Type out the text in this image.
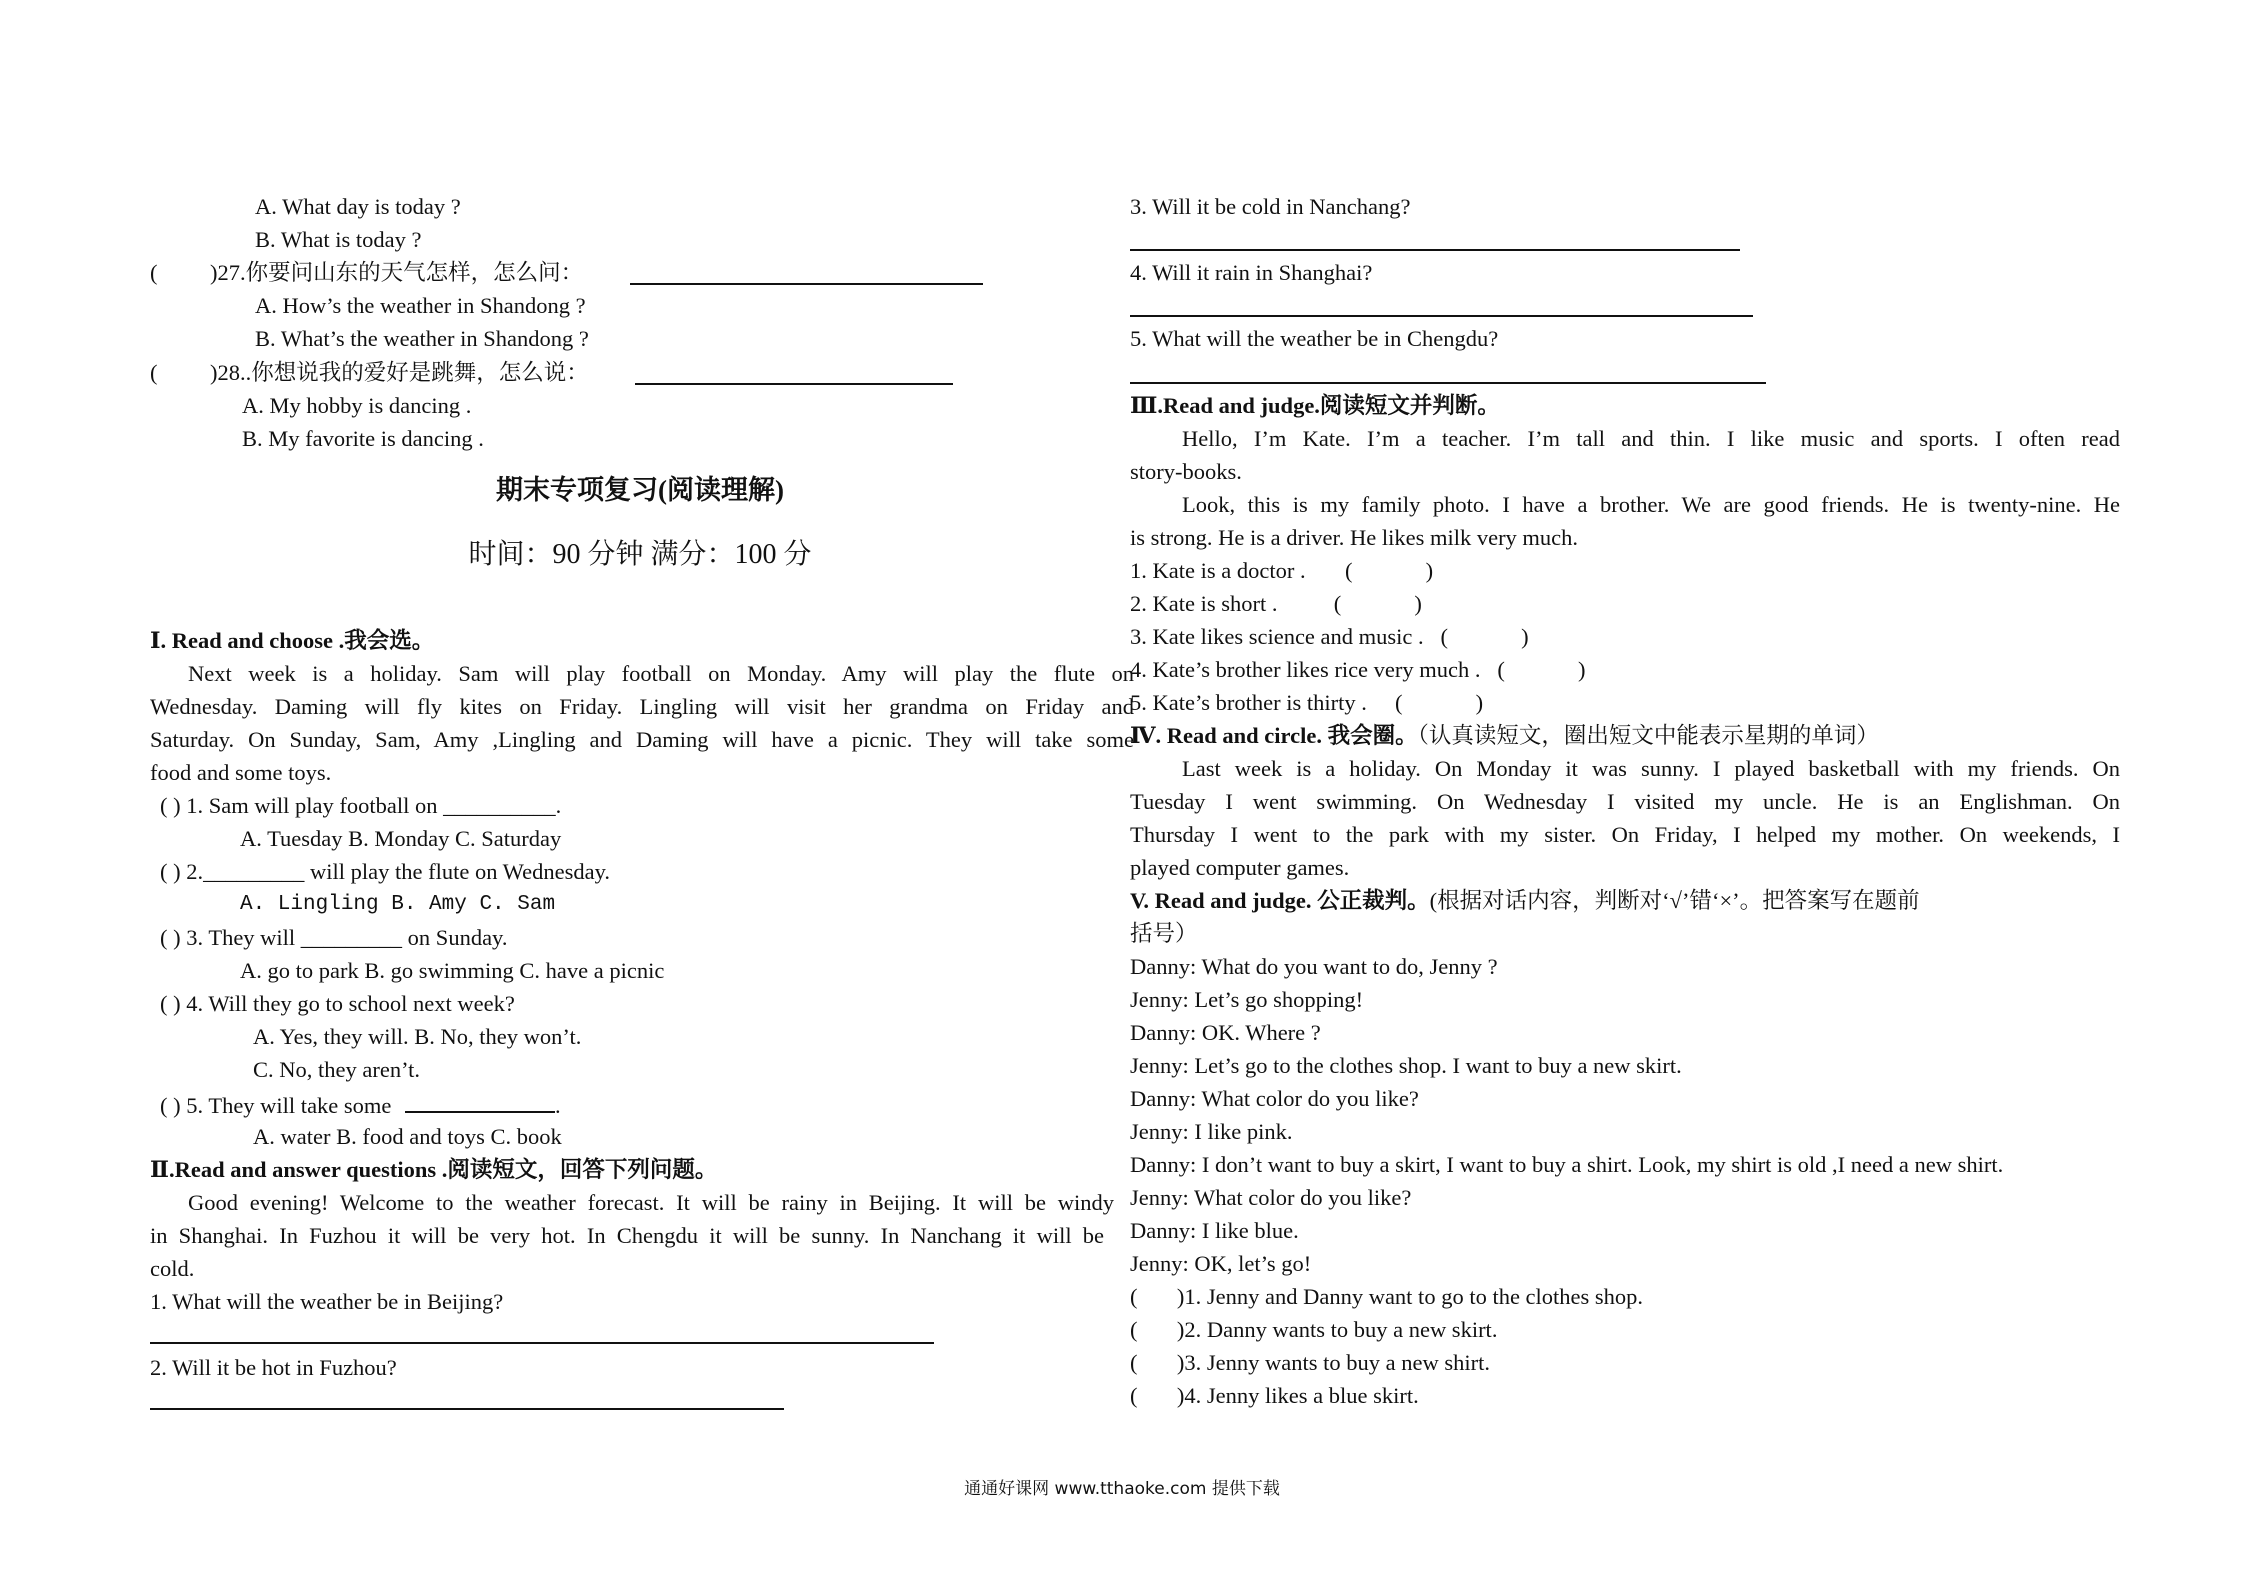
A. What day is today ?
B. What is today ?
( )27.你要问山东的天气怎样，怎么问：
A. How’s the weather in Shandong ?
B. What’s the weather in Shandong ?
( )28..你想说我的爱好是跳舞，怎么说：
A. My hobby is dancing .
B. My favorite is dancing .
期末专项复习(阅读理解)
时间：90 分钟 满分：100 分
Ⅰ. Read and choose .我会选。
Next week is a holiday. Sam will play football on Monday. Amy will play the flute on
Wednesday. Daming will fly kites on Friday. Lingling will visit her grandma on Friday and
Saturday. On Sunday, Sam, Amy ,Lingling and Daming will have a picnic. They will take some
food and some toys.
( ) 1. Sam will play football on __________.
A. Tuesday B. Monday C. Saturday
( ) 2._________ will play the flute on Wednesday.
A. Lingling B. Amy C. Sam
( ) 3. They will _________ on Sunday.
A. go to park B. go swimming C. have a picnic
( ) 4. Will they go to school next week?
A. Yes, they will. B. No, they won’t.
C. No, they aren’t.
( ) 5. They will take some	.
A. water B. food and toys C. book
Ⅱ.Read and answer questions .阅读短文，回答下列问题。
Good evening! Welcome to the weather forecast. It will be rainy in Beijing. It will be windy
in Shanghai. In Fuzhou it will be very hot. In Chengdu it will be sunny. In Nanchang it will be
cold.
1. What will the weather be in Beijing?
2. Will it be hot in Fuzhou?
3. Will it be cold in Nanchang?
4. Will it rain in Shanghai?
5. What will the weather be in Chengdu?
Ⅲ.Read and judge.阅读短文并判断。
Hello, I’m Kate. I’m a teacher. I’m tall and thin. I like music and sports. I often read
story-books.
Look, this is my family photo. I have a brother. We are good friends. He is twenty-nine. He
is strong. He is a driver. He likes milk very much.
1. Kate is a doctor .       (             )
2. Kate is short .          (             )
3. Kate likes science and music .   (             )
4. Kate’s brother likes rice very much .   (             )
5. Kate’s brother is thirty .     (             )
Ⅳ. Read and circle. 我会圈。（认真读短文，圈出短文中能表示星期的单词）
Last week is a holiday. On Monday it was sunny. I played basketball with my friends. On
Tuesday I went swimming. On Wednesday I visited my uncle. He is an Englishman. On
Thursday I went to the park with my sister. On Friday, I helped my mother. On weekends, I
played computer games.
V. Read and judge. 公正裁判。(根据对话内容，判断对‘√’错‘×’。把答案写在题前
括号）
Danny: What do you want to do, Jenny ?
Jenny: Let’s go shopping!
Danny: OK. Where ?
Jenny: Let’s go to the clothes shop. I want to buy a new skirt.
Danny: What color do you like?
Jenny: I like pink.
Danny: I don’t want to buy a skirt, I want to buy a shirt. Look, my shirt is old ,I need a new shirt.
Jenny: What color do you like?
Danny: I like blue.
Jenny: OK, let’s go!
(       )1. Jenny and Danny want to go to the clothes shop.
(       )2. Danny wants to buy a new skirt.
(       )3. Jenny wants to buy a new shirt.
(       )4. Jenny likes a blue skirt.
通通好课网 www.tthaoke.com 提供下载
